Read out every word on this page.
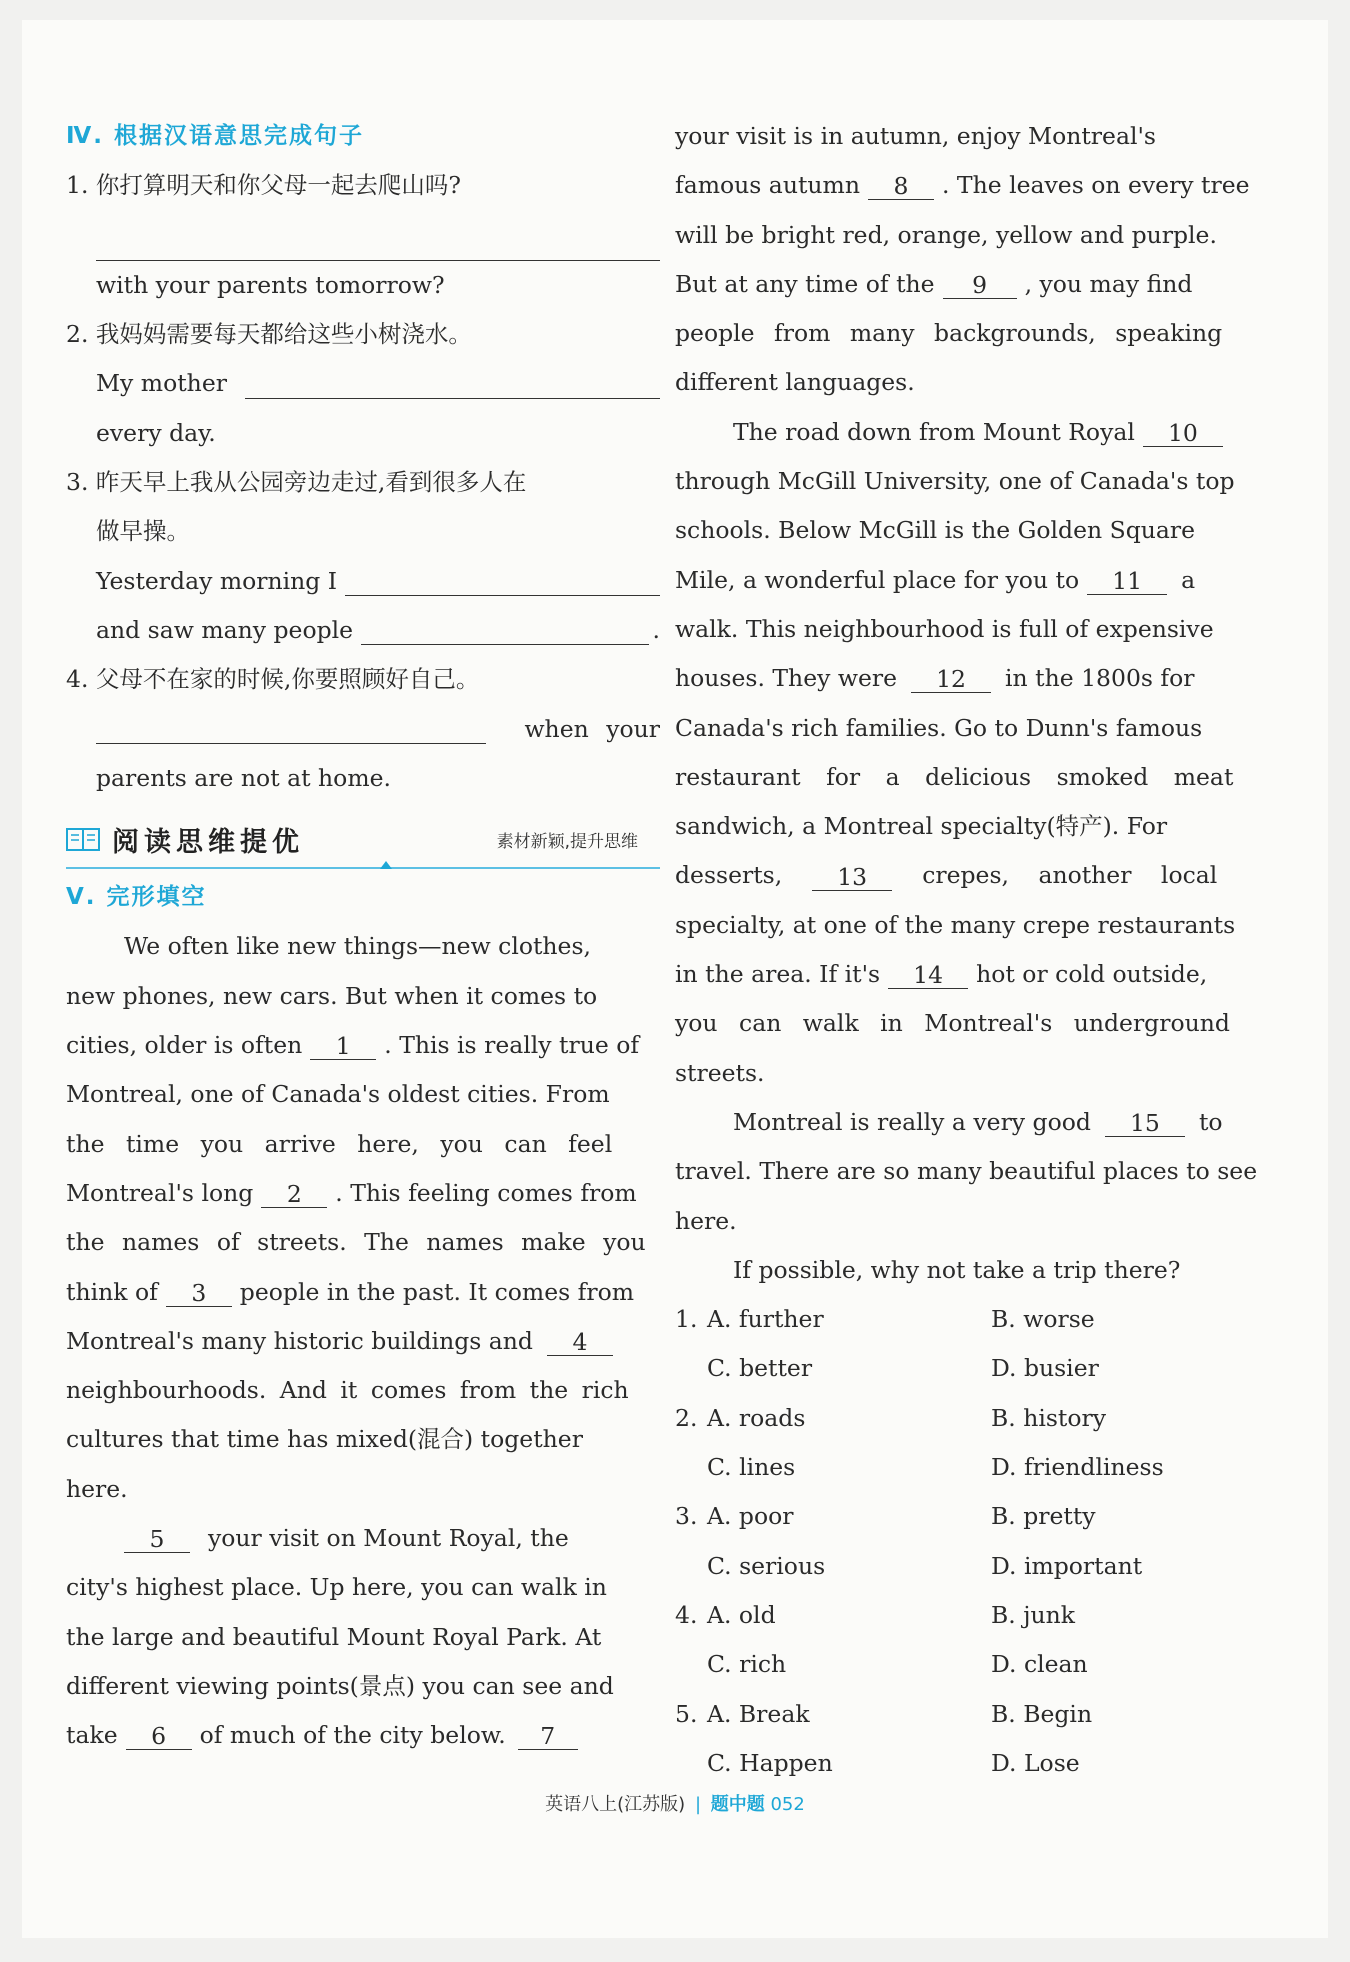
Ⅳ. 根据汉语意思完成句子
1. 你打算明天和你父母一起去爬山吗?
with your parents tomorrow?
2. 我妈妈需要每天都给这些小树浇水。
My mother
every day.
3. 昨天早上我从公园旁边走过,看到很多人在
做早操。
Yesterday morning I
and saw many people	.
4. 父母不在家的时候,你要照顾好自己。
when your
parents are not at home.
阅读思维提优	素材新颖,提升思维
Ⅴ. 完形填空
We often like new things—new clothes,
new phones, new cars. But when it comes to
cities, older is often	1	. This is really true of
Montreal, one of Canada's oldest cities. From
the time you arrive here, you can feel
Montreal's long	2	. This feeling comes from
the names of streets. The names make you
think of	3	people in the past. It comes from
Montreal's many historic buildings and	4
neighbourhoods. And it comes from the rich
cultures that time has mixed(混合) together
here.
5	your visit on Mount Royal, the
city's highest place. Up here, you can walk in
the large and beautiful Mount Royal Park. At
different viewing points(景点) you can see and
take	6	of much of the city below.	7
your visit is in autumn, enjoy Montreal's
famous autumn	8	. The leaves on every tree
will be bright red, orange, yellow and purple.
But at any time of the	9	, you may find
people from many backgrounds, speaking
different languages.
The road down from Mount Royal	10
through McGill University, one of Canada's top
schools. Below McGill is the Golden Square
Mile, a wonderful place for you to	11	a
walk. This neighbourhood is full of expensive
houses. They were	12	in the 1800s for
Canada's rich families. Go to Dunn's famous
restaurant for a delicious smoked meat
sandwich, a Montreal specialty(特产). For
desserts,	13	crepes, another local
specialty, at one of the many crepe restaurants
in the area. If it's	14	hot or cold outside,
you can walk in Montreal's underground
streets.
Montreal is really a very good	15	to
travel. There are so many beautiful places to see
here.
If possible, why not take a trip there?
1. A. further	B. worse
C. better	D. busier
2. A. roads	B. history
C. lines	D. friendliness
3. A. poor	B. pretty
C. serious	D. important
4. A. old	B. junk
C. rich	D. clean
5. A. Break	B. Begin
C. Happen	D. Lose
英语八上(江苏版) | 题中题 052
